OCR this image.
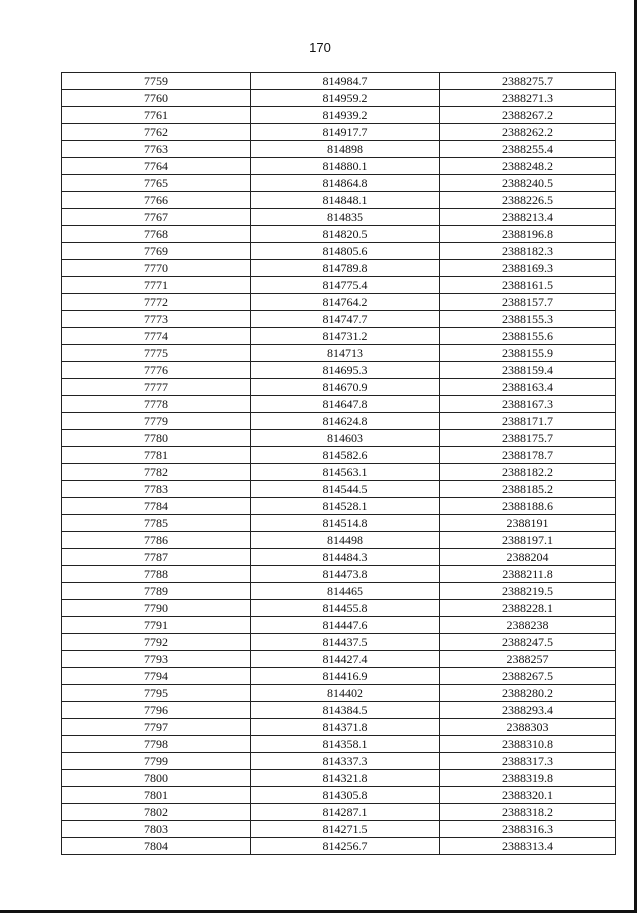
170
7759	814984.7	2388275.7
7760	814959.2	2388271.3
7761	814939.2	2388267.2
7762	814917.7	2388262.2
7763	814898	2388255.4
7764	814880.1	2388248.2
7765	814864.8	2388240.5
7766	814848.1	2388226.5
7767	814835	2388213.4
7768	814820.5	2388196.8
7769	814805.6	2388182.3
7770	814789.8	2388169.3
7771	814775.4	2388161.5
7772	814764.2	2388157.7
7773	814747.7	2388155.3
7774	814731.2	2388155.6
7775	814713	2388155.9
7776	814695.3	2388159.4
7777	814670.9	2388163.4
7778	814647.8	2388167.3
7779	814624.8	2388171.7
7780	814603	2388175.7
7781	814582.6	2388178.7
7782	814563.1	2388182.2
7783	814544.5	2388185.2
7784	814528.1	2388188.6
7785	814514.8	2388191
7786	814498	2388197.1
7787	814484.3	2388204
7788	814473.8	2388211.8
7789	814465	2388219.5
7790	814455.8	2388228.1
7791	814447.6	2388238
7792	814437.5	2388247.5
7793	814427.4	2388257
7794	814416.9	2388267.5
7795	814402	2388280.2
7796	814384.5	2388293.4
7797	814371.8	2388303
7798	814358.1	2388310.8
7799	814337.3	2388317.3
7800	814321.8	2388319.8
7801	814305.8	2388320.1
7802	814287.1	2388318.2
7803	814271.5	2388316.3
7804	814256.7	2388313.4
